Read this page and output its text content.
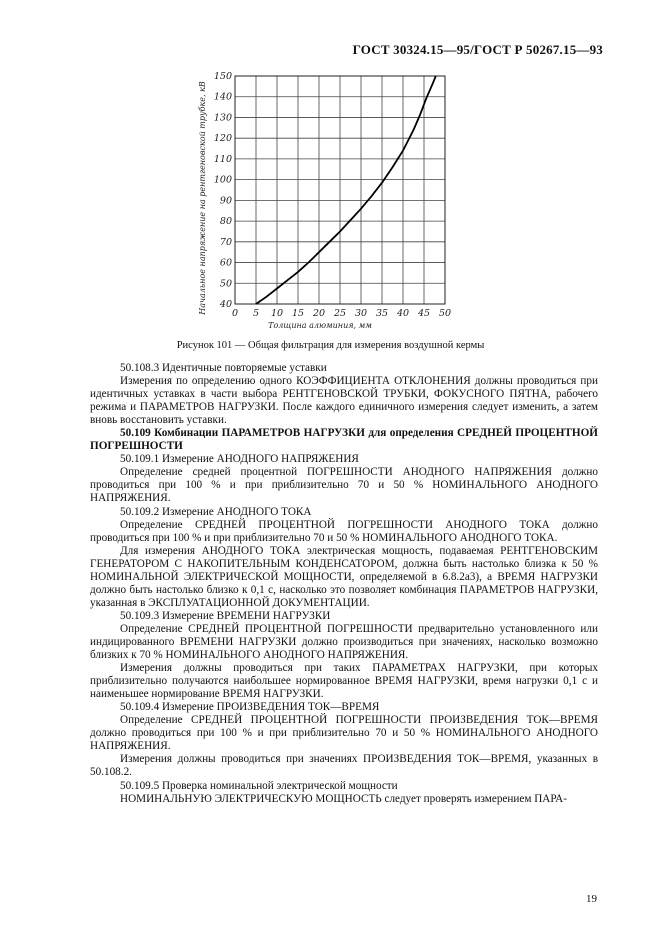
ГОСТ 30324.15—95/ГОСТ Р 50267.15—93
0 5 10 15 20 25 30 35 40 45 50
40
50
60
70
80
90
100
110
120
130
140
150
Толщина алюминия, мм
Начальное напряжение на рентгеновской трубке, кВ
Рисунок 101 — Общая фильтрация для измерения воздушной кермы

50.108.3 Идентичные повторяемые уставки

Измерения по определению одного КОЭФФИЦИЕНТА ОТКЛОНЕНИЯ должны проводиться при идентичных уставках в части выбора РЕНТГЕНОВСКОЙ ТРУБКИ, ФОКУСНОГО ПЯТНА, рабочего режима и ПАРАМЕТРОВ НАГРУЗКИ. После каждого единичного измерения следует изменить, а затем вновь восстановить уставки.

50.109 Комбинации ПАРАМЕТРОВ НАГРУЗКИ для определения СРЕДНЕЙ ПРОЦЕНТНОЙ ПОГРЕШНОСТИ

50.109.1 Измерение АНОДНОГО НАПРЯЖЕНИЯ

Определение средней процентной ПОГРЕШНОСТИ АНОДНОГО НАПРЯЖЕНИЯ должно проводиться при 100 % и при приблизительно 70 и 50 % НОМИНАЛЬНОГО АНОДНОГО НАПРЯЖЕНИЯ.

50.109.2 Измерение АНОДНОГО ТОКА

Определение СРЕДНЕЙ ПРОЦЕНТНОЙ ПОГРЕШНОСТИ АНОДНОГО ТОКА должно проводиться при 100 % и при приблизительно 70 и 50 % НОМИНАЛЬНОГО АНОДНОГО ТОКА.

Для измерения АНОДНОГО ТОКА электрическая мощность, подаваемая РЕНТГЕНОВСКИМ ГЕНЕРАТОРОМ С НАКОПИТЕЛЬНЫМ КОНДЕНСАТОРОМ, должна быть настолько близка к 50 % НОМИНАЛЬНОЙ ЭЛЕКТРИЧЕСКОЙ МОЩНОСТИ, определяемой в 6.8.2а3), а ВРЕМЯ НАГРУЗКИ должно быть настолько близко к 0,1 с, насколько это позволяет комбинация ПАРАМЕТРОВ НАГРУЗКИ, указанная в ЭКСПЛУАТАЦИОННОЙ ДОКУМЕНТАЦИИ.

50.109.3 Измерение ВРЕМЕНИ НАГРУЗКИ

Определение СРЕДНЕЙ ПРОЦЕНТНОЙ ПОГРЕШНОСТИ предварительно установленного или индицированного ВРЕМЕНИ НАГРУЗКИ должно производиться при значениях, насколько возможно близких к 70 % НОМИНАЛЬНОГО АНОДНОГО НАПРЯЖЕНИЯ.

Измерения должны проводиться при таких ПАРАМЕТРАХ НАГРУЗКИ, при которых приблизительно получаются наибольшее нормированное ВРЕМЯ НАГРУЗКИ, время нагрузки 0,1 с и наименьшее нормирование ВРЕМЯ НАГРУЗКИ.

50.109.4 Измерение ПРОИЗВЕДЕНИЯ ТОК—ВРЕМЯ

Определение СРЕДНЕЙ ПРОЦЕНТНОЙ ПОГРЕШНОСТИ ПРОИЗВЕДЕНИЯ ТОК—ВРЕМЯ должно проводиться при 100 % и при приблизительно 70 и 50 % НОМИНАЛЬНОГО АНОДНОГО НАПРЯЖЕНИЯ.

Измерения должны проводиться при значениях ПРОИЗВЕДЕНИЯ ТОК—ВРЕМЯ, указанных в 50.108.2.

50.109.5 Проверка номинальной электрической мощности

НОМИНАЛЬНУЮ ЭЛЕКТРИЧЕСКУЮ МОЩНОСТЬ следует проверять измерением ПАРА-

19
